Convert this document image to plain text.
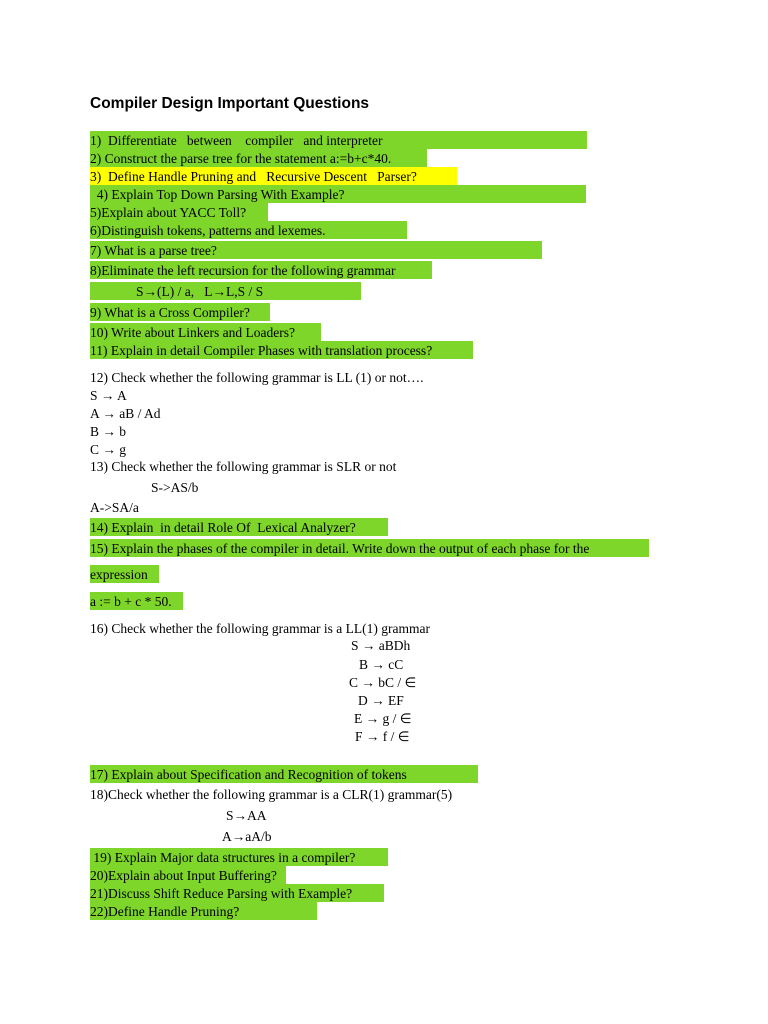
Compiler Design Important Questions
1)  Differentiate   between    compiler   and interpreter
2) Construct the parse tree for the statement a:=b+c*40.
3)  Define Handle Pruning and   Recursive Descent   Parser?
4) Explain Top Down Parsing With Example?
5)Explain about YACC Toll?
6)Distinguish tokens, patterns and lexemes.
7) What is a parse tree?
8)Eliminate the left recursion for the following grammar
S→(L) / a,   L→L,S / S
9) What is a Cross Compiler?
10) Write about Linkers and Loaders?
11) Explain in detail Compiler Phases with translation process?
12) Check whether the following grammar is LL (1) or not….
S → A
A → aB / Ad
B → b
C → g
13) Check whether the following grammar is SLR or not
S->AS/b
A->SA/a
14) Explain  in detail Role Of  Lexical Analyzer?
15) Explain the phases of the compiler in detail. Write down the output of each phase for the
expression
a := b + c * 50.
16) Check whether the following grammar is a LL(1) grammar
S → aBDh
B → cC
C → bC / ∈
D → EF
E → g / ∈
F → f / ∈
17) Explain about Specification and Recognition of tokens
18)Check whether the following grammar is a CLR(1) grammar(5)
S→AA
A→aA/b
19) Explain Major data structures in a compiler?
20)Explain about Input Buffering?
21)Discuss Shift Reduce Parsing with Example?
22)Define Handle Pruning?
